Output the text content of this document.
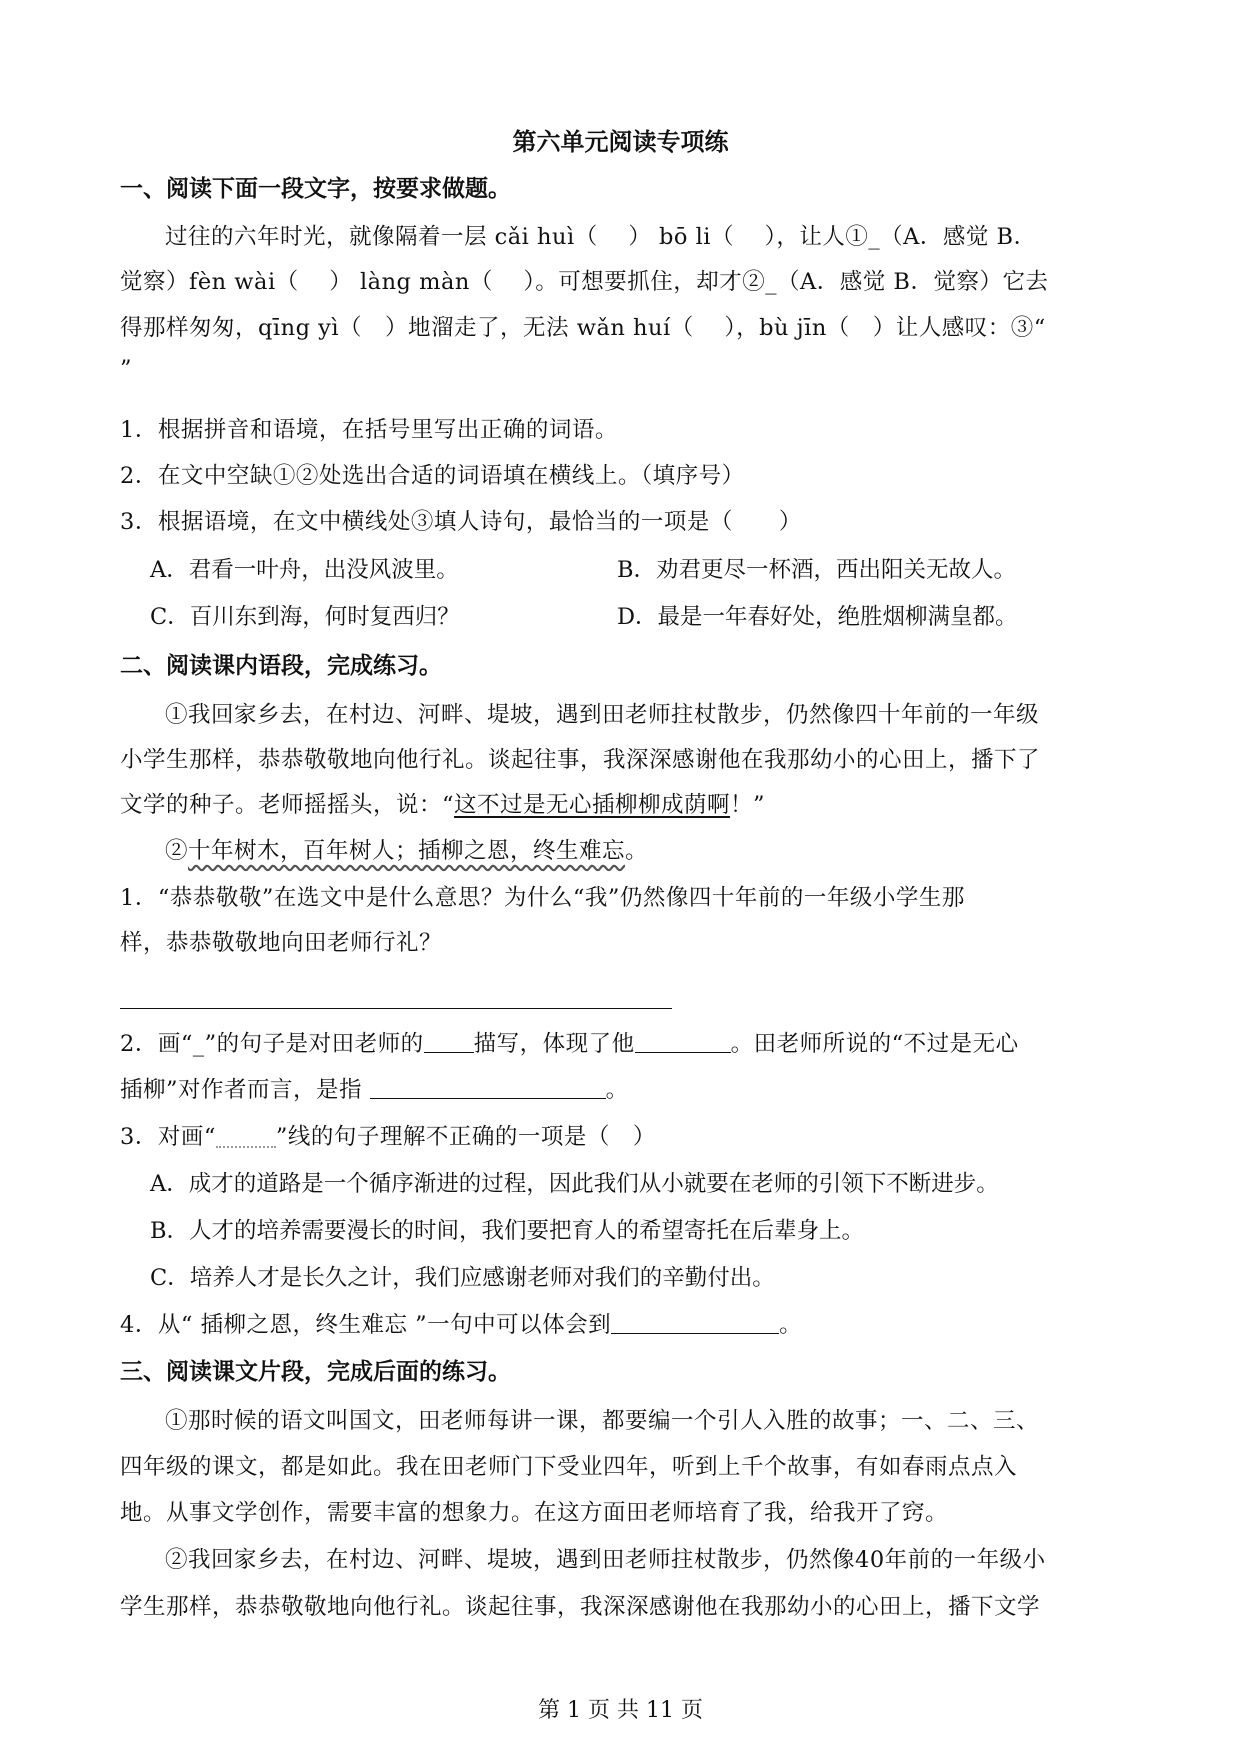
第六单元阅读专项练
一、阅读下面一段文字，按要求做题。
过往的六年时光，就像隔着一层 cǎi huì（　 ） bō li（　 ），让人①_（A．感觉 B．
觉察）fèn wài（　 ） làng màn（　 ）。可想要抓住，却才②_（A．感觉 B．觉察）它去
得那样匆匆，qīng yì（　）地溜走了，无法 wǎn huí（　 ），bù jīn（　）让人感叹：③“
”
1．根据拼音和语境，在括号里写出正确的词语。
2．在文中空缺①②处选出合适的词语填在横线上。（填序号）
3．根据语境，在文中横线处③填人诗句，最恰当的一项是（　　）
A．君看一叶舟，出没风波里。	B．劝君更尽一杯酒，西出阳关无故人。
C．百川东到海，何时复西归？	D．最是一年春好处，绝胜烟柳满皇都。
二、阅读课内语段，完成练习。
①我回家乡去，在村边、河畔、堤坡，遇到田老师拄杖散步，仍然像四十年前的一年级
小学生那样，恭恭敬敬地向他行礼。谈起往事，我深深感谢他在我那幼小的心田上，播下了
文学的种子。老师摇摇头，说：“这不过是无心插柳柳成荫啊！”
②十年树木，百年树人；插柳之恩，终生难忘。
1．“恭恭敬敬”在选文中是什么意思？为什么“我”仍然像四十年前的一年级小学生那
样，恭恭敬敬地向田老师行礼？
2．画“_”的句子是对田老师的 描写，体现了他	。田老师所说的“不过是无心
插柳”对作者而言，是指	。
3．对画“	”线的句子理解不正确的一项是（　）
A．成才的道路是一个循序渐进的过程，因此我们从小就要在老师的引领下不断进步。
B．人才的培养需要漫长的时间，我们要把育人的希望寄托在后辈身上。
C．培养人才是长久之计，我们应感谢老师对我们的辛勤付出。
4．从“ 插柳之恩，终生难忘 ”一句中可以体会到	。
三、阅读课文片段，完成后面的练习。
①那时候的语文叫国文，田老师每讲一课，都要编一个引人入胜的故事；一、二、三、
四年级的课文，都是如此。我在田老师门下受业四年，听到上千个故事，有如春雨点点入
地。从事文学创作，需要丰富的想象力。在这方面田老师培育了我，给我开了窍。
②我回家乡去，在村边、河畔、堤坡，遇到田老师拄杖散步，仍然像40年前的一年级小
学生那样，恭恭敬敬地向他行礼。谈起往事，我深深感谢他在我那幼小的心田上，播下文学
第 1 页 共 11 页
